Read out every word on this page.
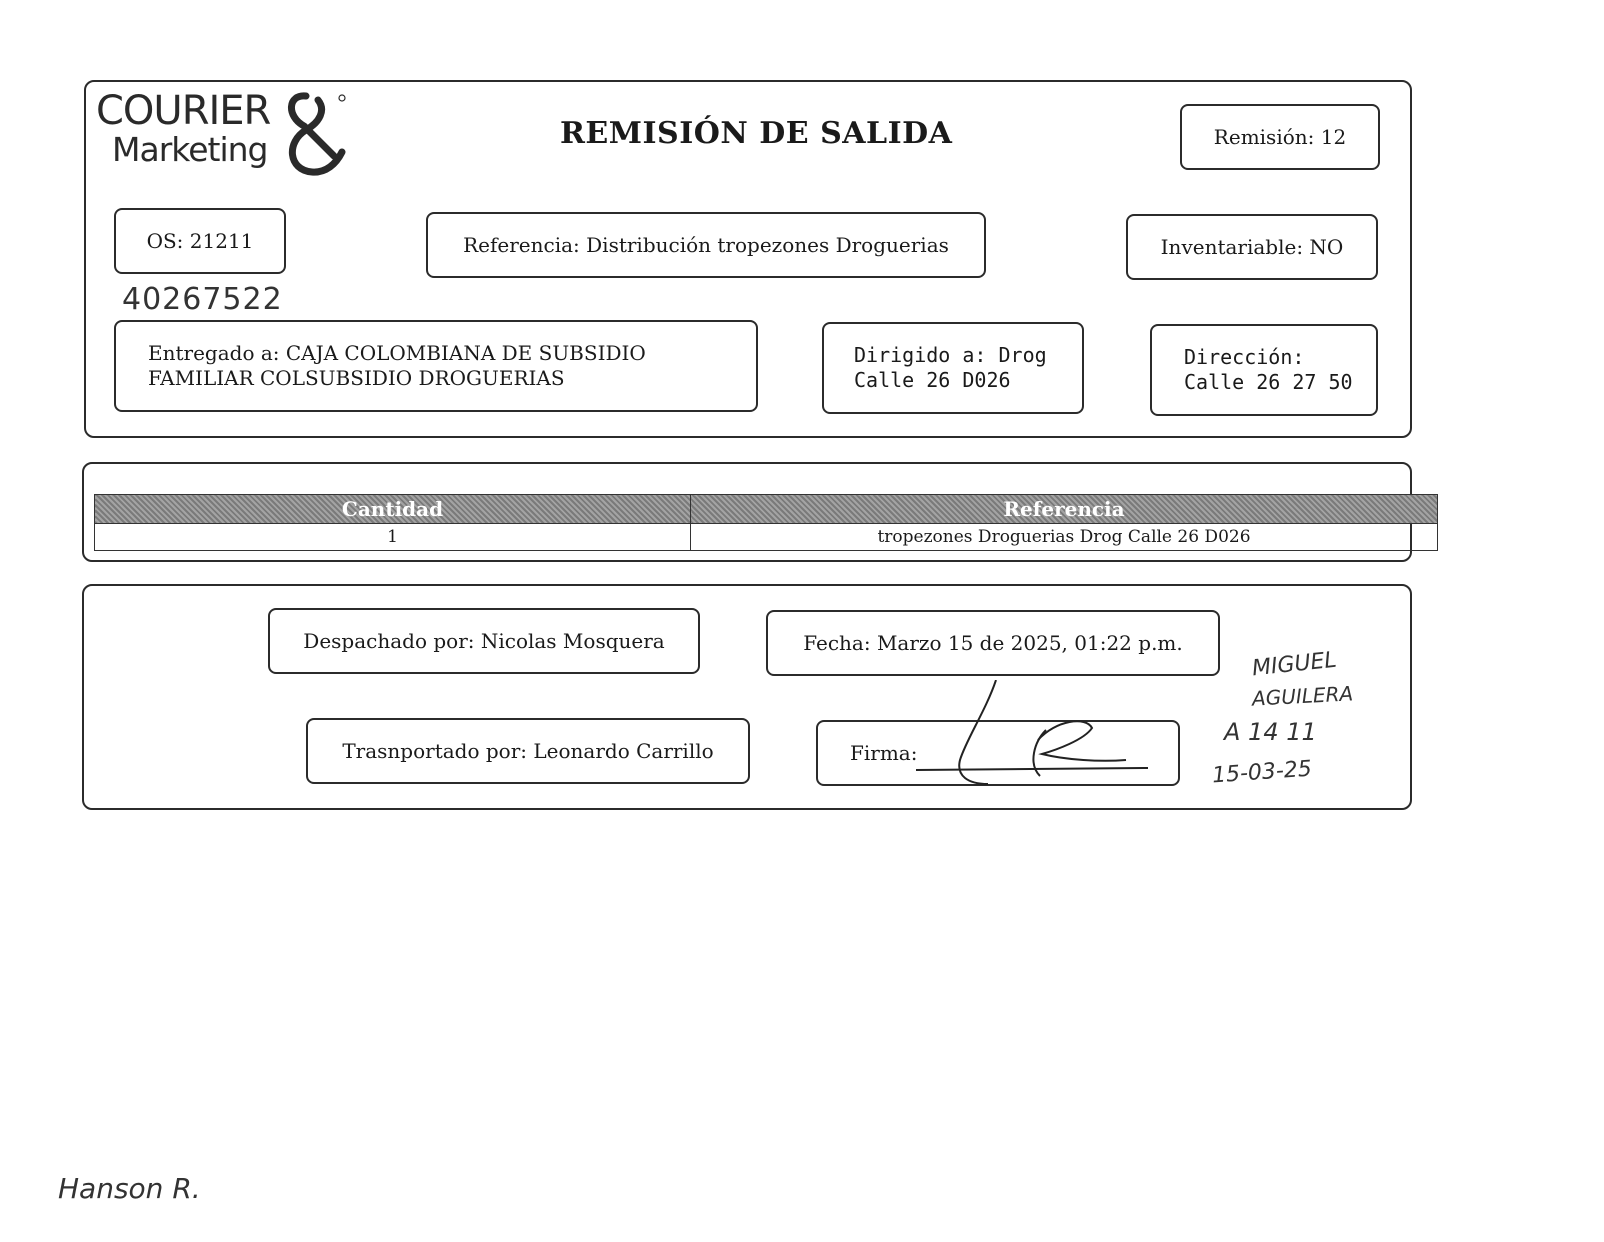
COURIER
Marketing	REMISIÓN DE SALIDA	Remisión: 12
OS: 21211	Referencia: Distribución tropezones Droguerias	Inventariable: NO
40267522
Entregado a: CAJA COLOMBIANA DE SUBSIDIO
FAMILIAR COLSUBSIDIO DROGUERIAS
Dirigido a: Drog
Calle 26 D026
Dirección:
Calle 26 27 50
Cantidad	Referencia
1	tropezones Droguerias Drog Calle 26 D026
Despachado por: Nicolas Mosquera	Fecha: Marzo 15 de 2025, 01:22 p.m.
Trasnportado por: Leonardo Carrillo	Firma:
MIGUEL
AGUILERA
A 14 11
15-03-25
Hanson R.
